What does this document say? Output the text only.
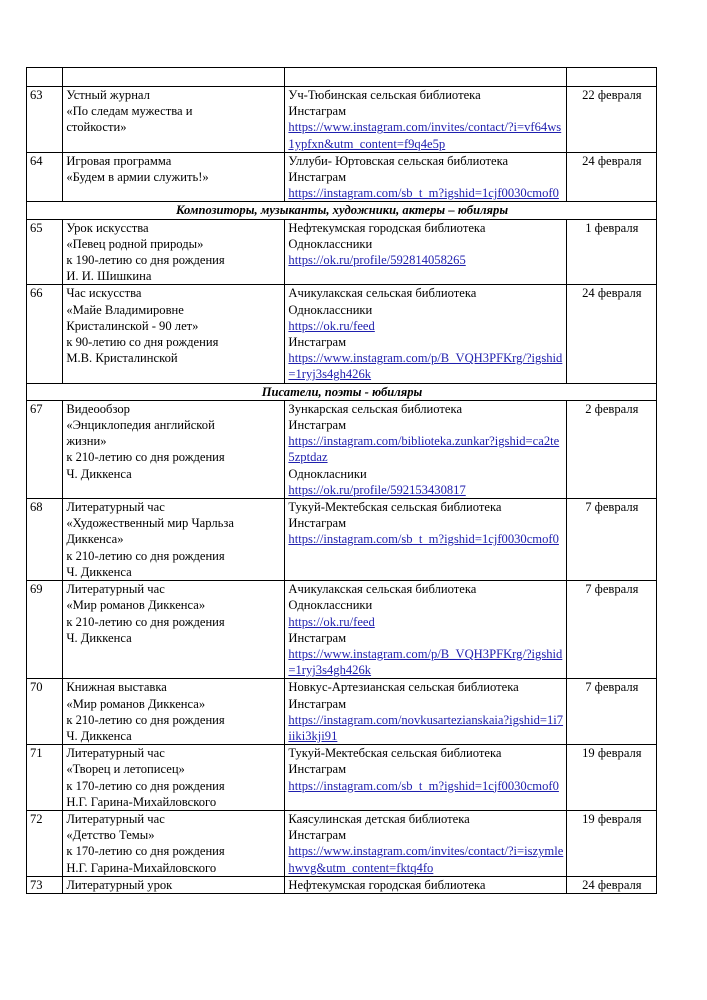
63	Устный журнал
«По следам мужества и
стойкости»	Уч-Тюбинская сельская библиотека
Инстаграм
https://www.instagram.com/invites/contact/?i=vf64ws1ypfxn&utm_content=f9q4e5p	22 февраля
64	Игровая программа
«Будем в армии служить!»	Уллуби- Юртовская сельская библиотека
Инстаграм
https://instagram.com/sb_t_m?igshid=1cjf0030cmof0	24 февраля
Композиторы, музыканты, художники, актеры – юбиляры			
65	Урок искусства
«Певец родной природы»
к 190-летию со дня рождения
И. И. Шишкина	Нефтекумская городская библиотека
Одноклассники
https://ok.ru/profile/592814058265	1 февраля
66	Час искусства
«Майе Владимировне
Кристалинской - 90 лет»
к 90-летию со дня рождения
М.В. Кристалинской	Ачикулакская сельская библиотека
Одноклассники
https://ok.ru/feed
Инстаграм
https://www.instagram.com/p/B_VQH3PFKrg/?igshid=1ryj3s4gh426k	24 февраля
Писатели, поэты - юбиляры			
67	Видеообзор
«Энциклопедия английской
жизни»
к 210-летию со дня рождения
Ч. Диккенса	Зункарская сельская библиотека
Инстаграм
https://instagram.com/biblioteka.zunkar?igshid=ca2te5zptdaz
Однокласники
https://ok.ru/profile/592153430817	2 февраля
68	Литературный час
«Художественный мир Чарльза
Диккенса»
к 210-летию со дня рождения
Ч. Диккенса	Тукуй-Мектебская сельская библиотека
Инстаграм
https://instagram.com/sb_t_m?igshid=1cjf0030cmof0	7 февраля
69	Литературный час
«Мир романов Диккенса»
к 210-летию со дня рождения
Ч. Диккенса	Ачикулакская сельская библиотека
Одноклассники
https://ok.ru/feed
Инстаграм
https://www.instagram.com/p/B_VQH3PFKrg/?igshid=1ryj3s4gh426k	7 февраля
70	Книжная выставка
«Мир романов Диккенса»
к 210-летию со дня рождения
Ч. Диккенса	Новкус-Артезианская сельская библиотека
Инстаграм
https://instagram.com/novkusartezianskaia?igshid=1i7iiki3kji91	7 февраля
71	Литературный час
«Творец и летописец»
к 170-летию со дня рождения
Н.Г. Гарина-Михайловского	Тукуй-Мектебская сельская библиотека
Инстаграм
https://instagram.com/sb_t_m?igshid=1cjf0030cmof0	19 февраля
72	Литературный час
«Детство Темы»
к 170-летию со дня рождения
Н.Г. Гарина-Михайловского	Каясулинская детская библиотека
Инстаграм
https://www.instagram.com/invites/contact/?i=iszymlehwvg&utm_content=fktq4fo	19 февраля
73	Литературный урок	Нефтекумская городская библиотека	24 февраля
